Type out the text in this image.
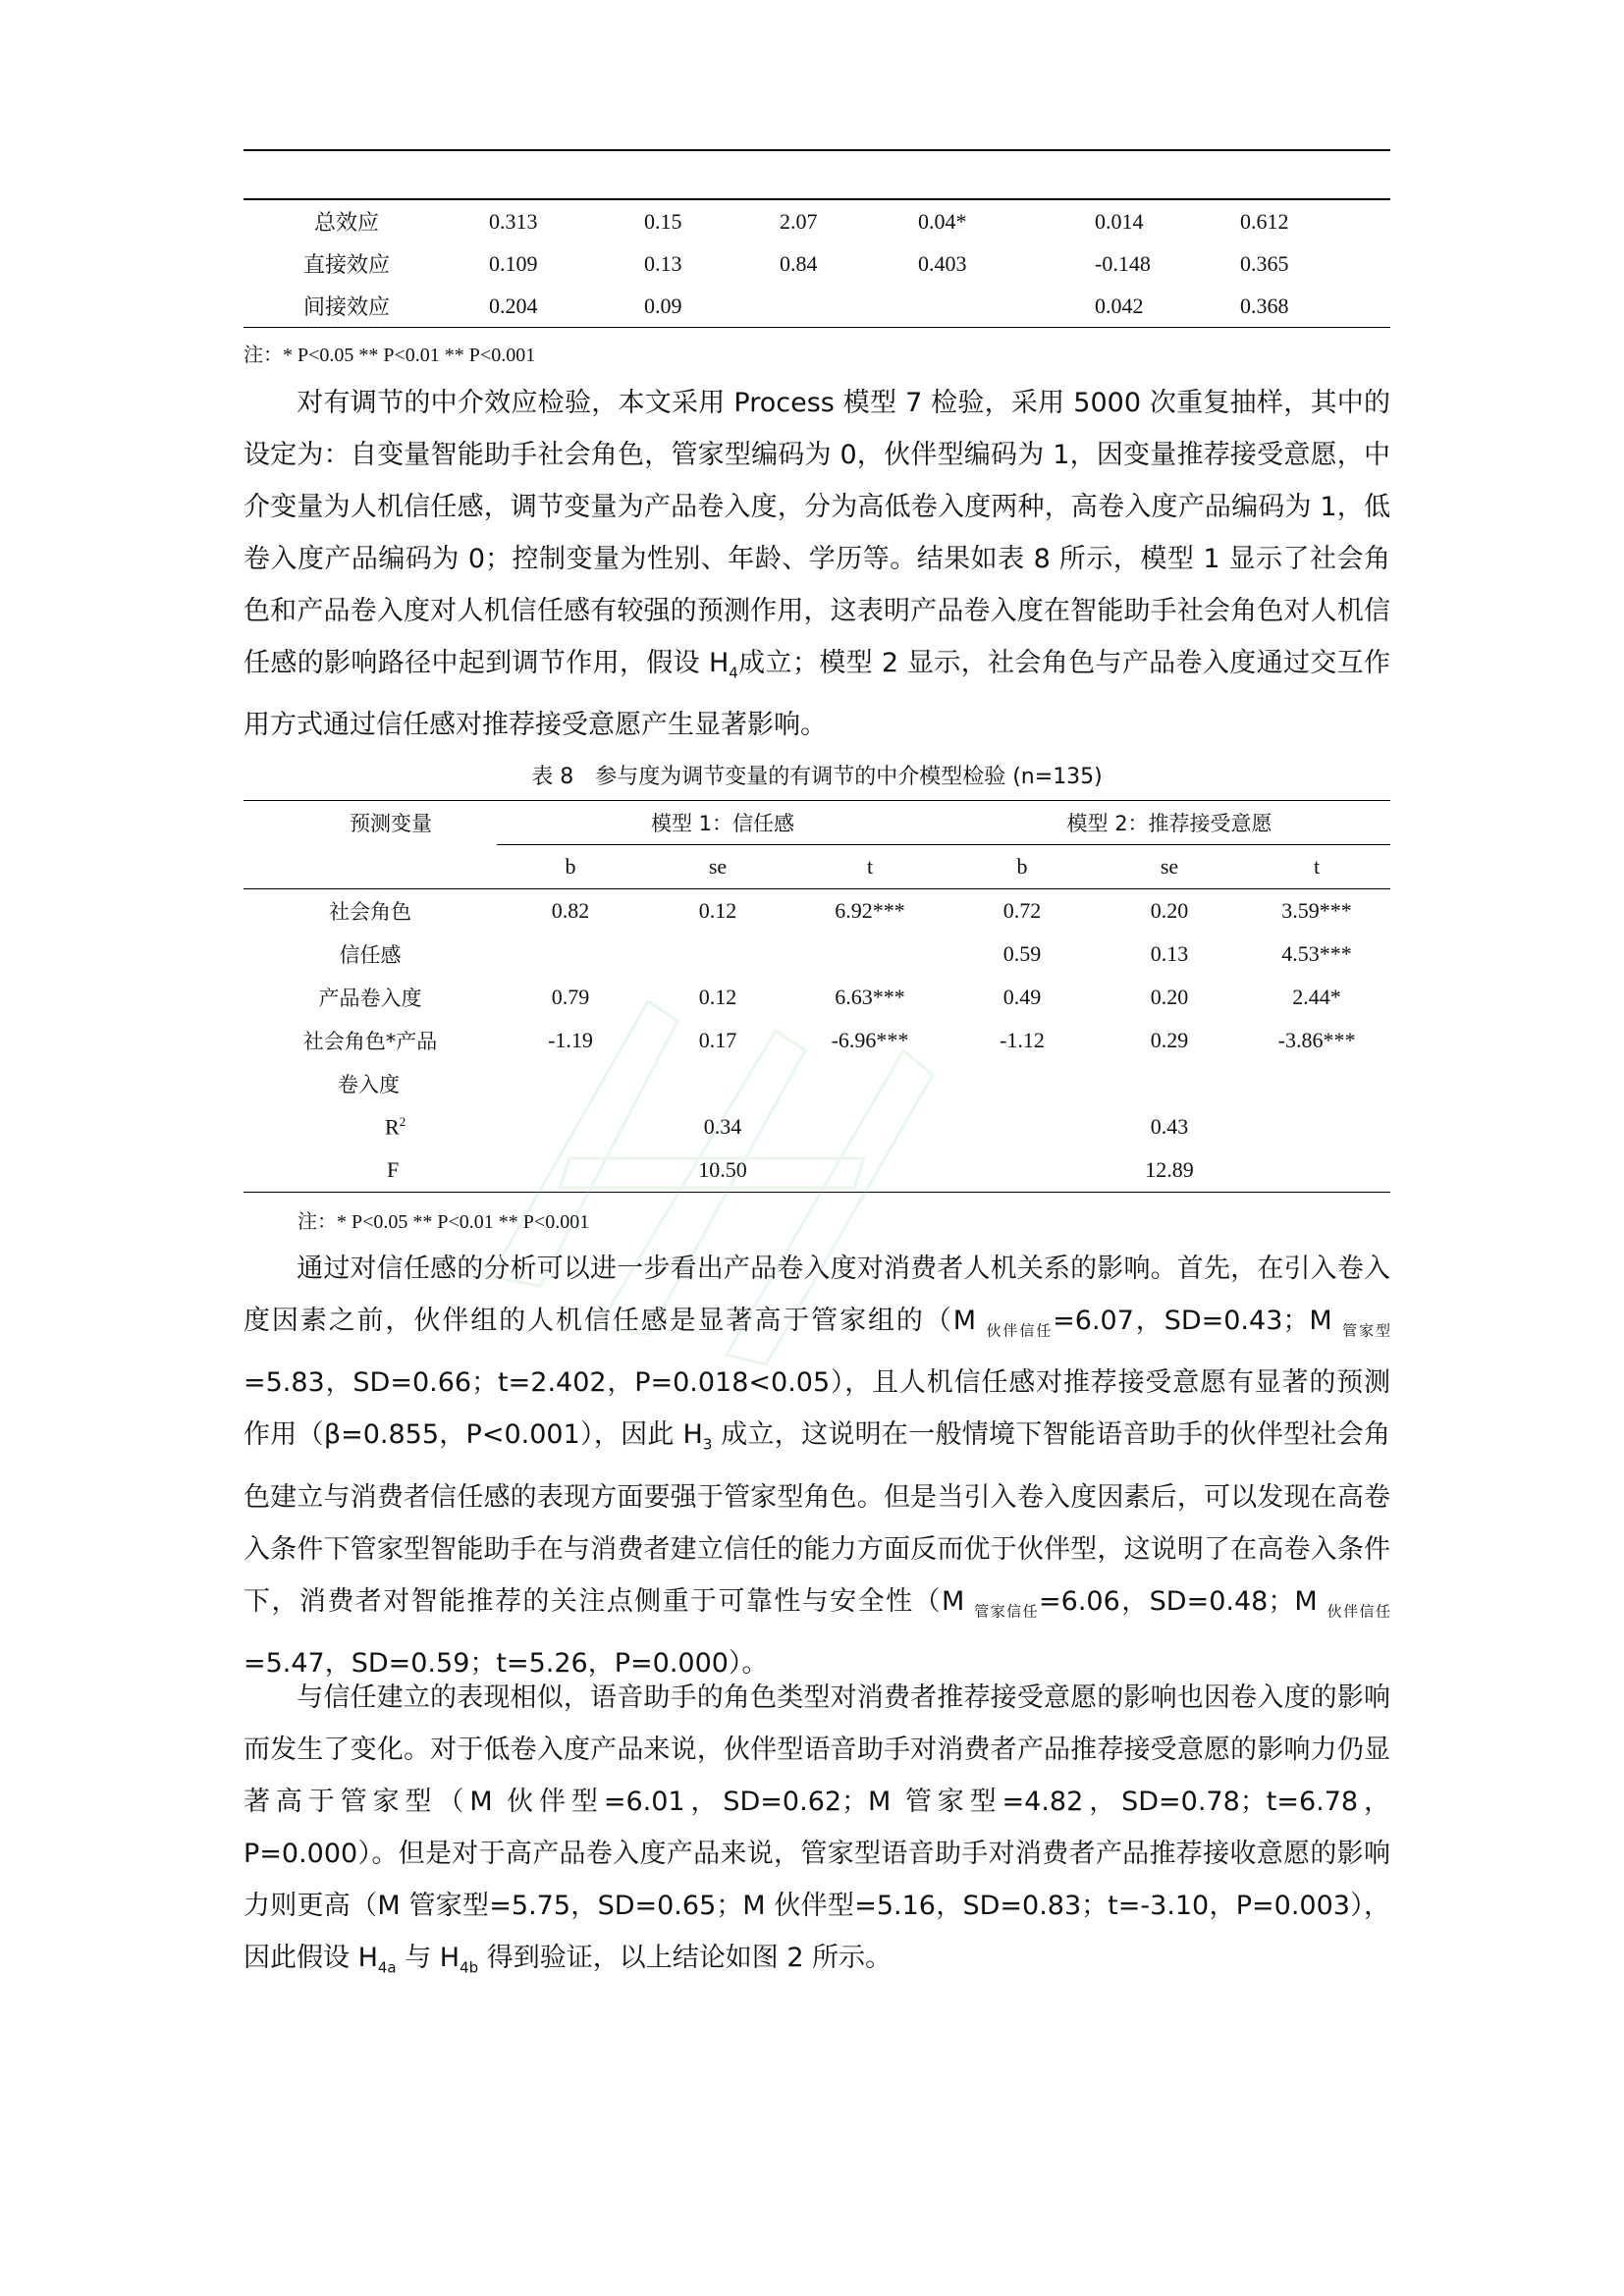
总效应	0.313	0.15	2.07	0.04*	0.014	0.612
直接效应	0.109	0.13	0.84	0.403	-0.148	0.365
间接效应	0.204	0.09			0.042	0.368
注：* P<0.05 ** P<0.01 ** P<0.001
对有调节的中介效应检验，本文采用 Process 模型 7 检验，采用 5000 次重复抽样，其中的设定为：自变量智能助手社会角色，管家型编码为 0，伙伴型编码为 1，因变量推荐接受意愿，中介变量为人机信任感，调节变量为产品卷入度，分为高低卷入度两种，高卷入度产品编码为 1，低卷入度产品编码为 0；控制变量为性别、年龄、学历等。结果如表 8 所示，模型 1 显示了社会角色和产品卷入度对人机信任感有较强的预测作用，这表明产品卷入度在智能助手社会角色对人机信任感的影响路径中起到调节作用，假设 $H_4$成立；模型 2 显示，社会角色与产品卷入度通过交互作用方式通过信任感对推荐接受意愿产生显著影响。
表 8 参与度为调节变量的有调节的中介模型检验 (n=135)
预测变量	模型 1：信任感			模型 2：推荐接受意愿		
	b	se	t	b	se	t
社会角色	0.82	0.12	6.92***	0.72	0.20	3.59***
信任感				0.59	0.13	4.53***
产品卷入度	0.79	0.12	6.63***	0.49	0.20	2.44*
社会角色*产品	-1.19	0.17	-6.96***	-1.12	0.29	-3.86***
卷入度						
$R^2$	0.34			0.43		
F	10.50			12.89		
注：* P<0.05 ** P<0.01 ** P<0.001
通过对信任感的分析可以进一步看出产品卷入度对消费者人机关系的影响。首先，在引入卷入度因素之前，伙伴组的人机信任感是显著高于管家组的（M $_{伙伴信任}$=6.07，SD=0.43；M $_{管家型}$=5.83，SD=0.66；t=2.402，P=0.018<0.05），且人机信任感对推荐接受意愿有显著的预测作用（β=0.855，P<0.001），因此 $H_3$ 成立，这说明在一般情境下智能语音助手的伙伴型社会角色建立与消费者信任感的表现方面要强于管家型角色。但是当引入卷入度因素后，可以发现在高卷入条件下管家型智能助手在与消费者建立信任的能力方面反而优于伙伴型，这说明了在高卷入条件下，消费者对智能推荐的关注点侧重于可靠性与安全性（M $_{管家信任}$=6.06，SD=0.48；M $_{伙伴信任}$=5.47，SD=0.59；t=5.26，P=0.000）。
与信任建立的表现相似，语音助手的角色类型对消费者推荐接受意愿的影响也因卷入度的影响而发生了变化。对于低卷入度产品来说，伙伴型语音助手对消费者产品推荐接受意愿的影响力仍显著高于管家型（M 伙伴型=6.01，SD=0.62；M 管家型=4.82，SD=0.78；t=6.78，P=0.000）。但是对于高产品卷入度产品来说，管家型语音助手对消费者产品推荐接收意愿的影响力则更高（M 管家型=5.75，SD=0.65；M 伙伴型=5.16，SD=0.83；t=-3.10，P=0.003），因此假设 $H_{4a}$ 与 $H_{4b}$ 得到验证，以上结论如图 2 所示。
